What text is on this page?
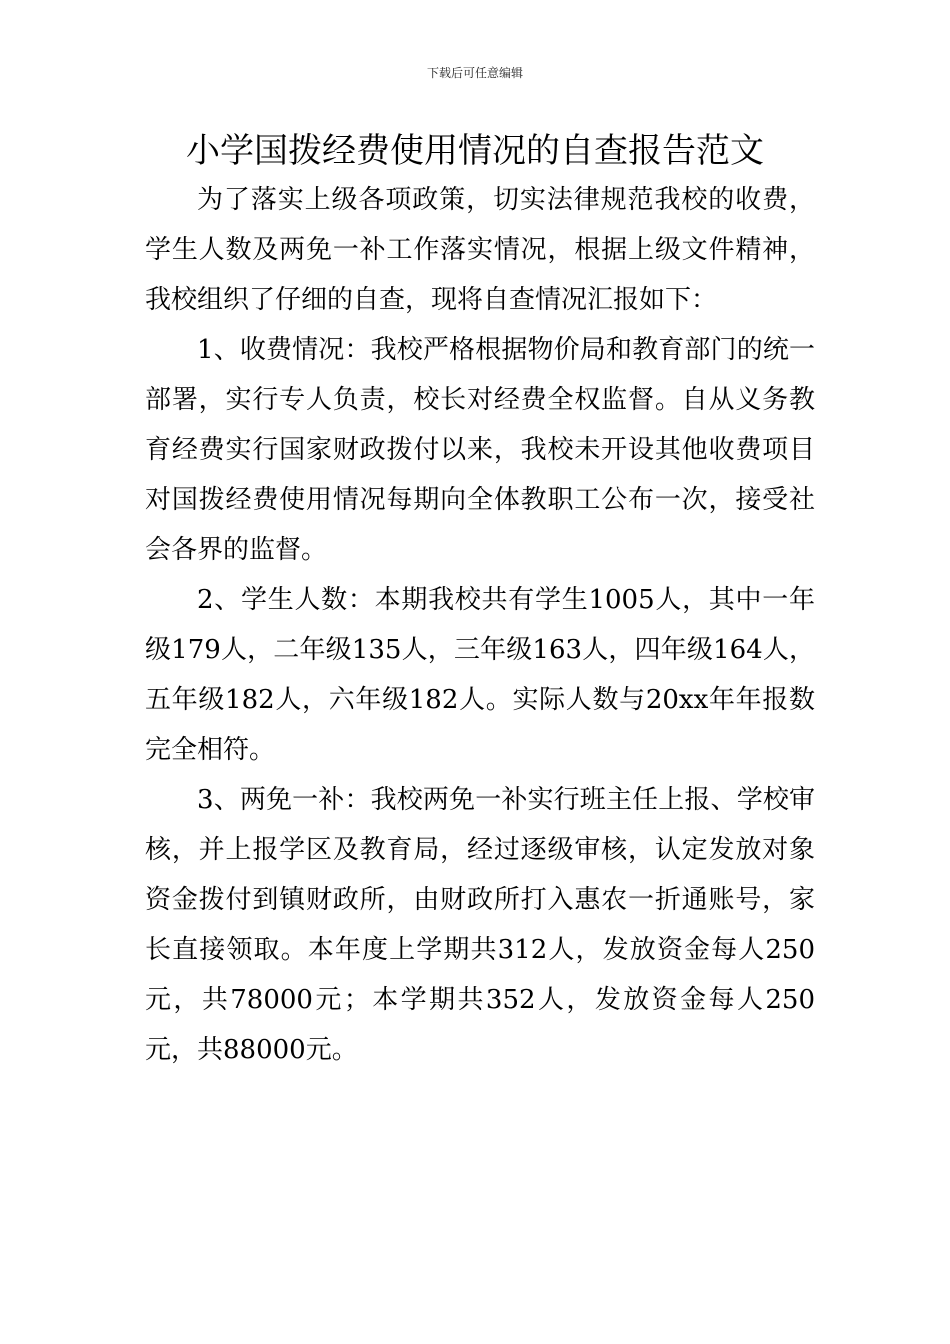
下载后可任意编辑
小学国拨经费使用情况的自查报告范文

为了落实上级各项政策，切实法律规范我校的收费，学生人数及两免一补工作落实情况，根据上级文件精神，我校组织了仔细的自查，现将自查情况汇报如下：

1、收费情况：我校严格根据物价局和教育部门的统一部署，实行专人负责，校长对经费全权监督。自从义务教育经费实行国家财政拨付以来，我校未开设其他收费项目对国拨经费使用情况每期向全体教职工公布一次，接受社会各界的监督。

2、学生人数：本期我校共有学生1005人，其中一年级179人，二年级135人，三年级163人，四年级164人，五年级182人，六年级182人。实际人数与20xx年年报数完全相符。

3、两免一补：我校两免一补实行班主任上报、学校审核，并上报学区及教育局，经过逐级审核，认定发放对象资金拨付到镇财政所，由财政所打入惠农一折通账号，家长直接领取。本年度上学期共312人，发放资金每人250元，共78000元；本学期共352人，发放资金每人250元，共88000元。
